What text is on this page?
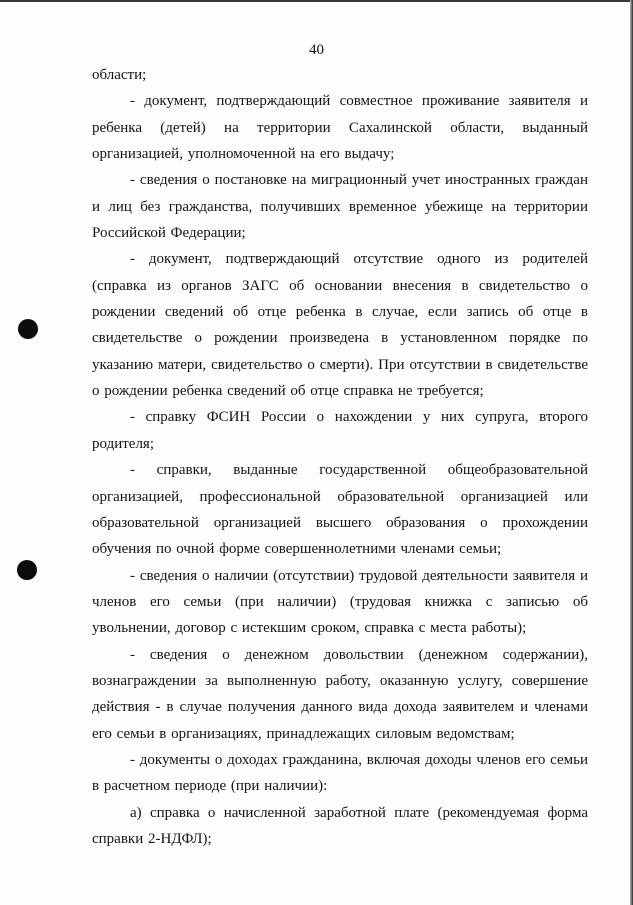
40

области;

- документ, подтверждающий совместное проживание заявителя и ребенка (детей) на территории Сахалинской области, выданный организацией, уполномоченной на его выдачу;

- сведения о постановке на миграционный учет иностранных граждан и лиц без гражданства, получивших временное убежище на территории Российской Федерации;

- документ, подтверждающий отсутствие одного из родителей (справка из органов ЗАГС об основании внесения в свидетельство о рождении сведений об отце ребенка в случае, если запись об отце в свидетельстве о рождении произведена в установленном порядке по указанию матери, свидетельство о смерти). При отсутствии в свидетельстве о рождении ребенка сведений об отце справка не требуется;

- справку ФСИН России о нахождении у них супруга, второго родителя;

- справки, выданные государственной общеобразовательной организацией, профессиональной образовательной организацией или образовательной организацией высшего образования о прохождении обучения по очной форме совершеннолетними членами семьи;

- сведения о наличии (отсутствии) трудовой деятельности заявителя и членов его семьи (при наличии) (трудовая книжка с записью об увольнении, договор с истекшим сроком, справка с места работы);

- сведения о денежном довольствии (денежном содержании), вознаграждении за выполненную работу, оказанную услугу, совершение действия - в случае получения данного вида дохода заявителем и членами его семьи в организациях, принадлежащих силовым ведомствам;

- документы о доходах гражданина, включая доходы членов его семьи в расчетном периоде (при наличии):

а) справка о начисленной заработной плате (рекомендуемая форма справки 2-НДФЛ);
